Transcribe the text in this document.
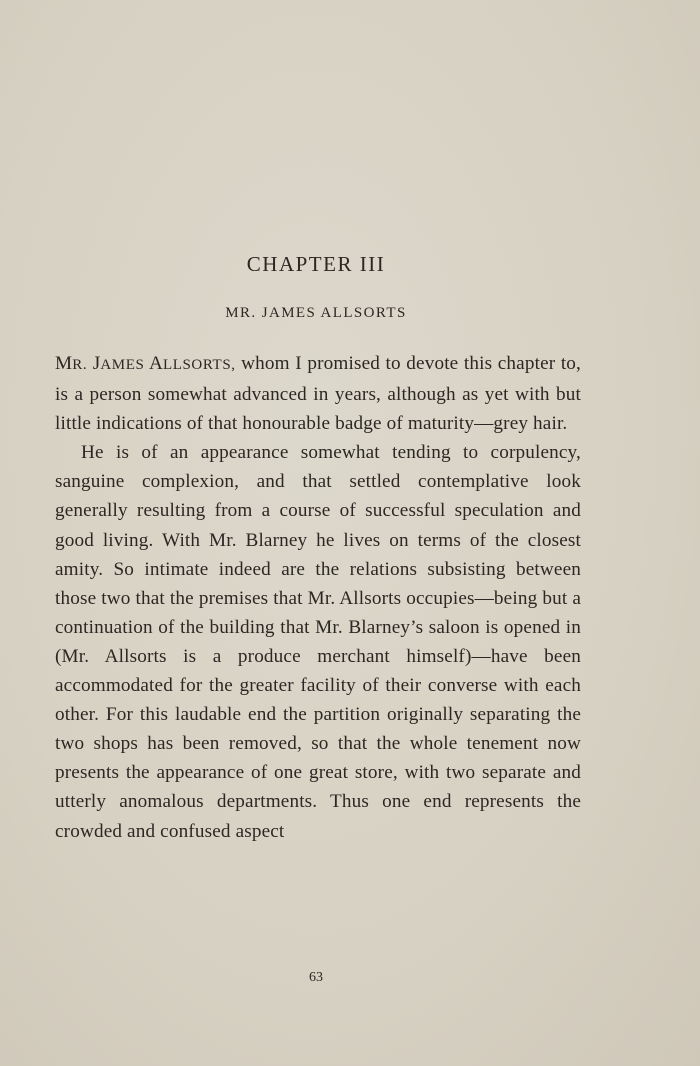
CHAPTER III
MR. JAMES ALLSORTS

MR. JAMES ALLSORTS, whom I promised to devote this chapter to, is a person somewhat advanced in years, although as yet with but little indications of that honourable badge of maturity—grey hair.

He is of an appearance somewhat tending to corpulency, sanguine complexion, and that settled contemplative look generally resulting from a course of successful speculation and good living. With Mr. Blarney he lives on terms of the closest amity. So intimate indeed are the relations subsisting between those two that the premises that Mr. Allsorts occupies—being but a continuation of the building that Mr. Blarney’s saloon is opened in (Mr. Allsorts is a produce merchant himself)—have been accommodated for the greater facility of their converse with each other. For this laudable end the partition originally separating the two shops has been removed, so that the whole tenement now presents the appearance of one great store, with two separate and utterly anomalous departments. Thus one end represents the crowded and confused aspect

63
